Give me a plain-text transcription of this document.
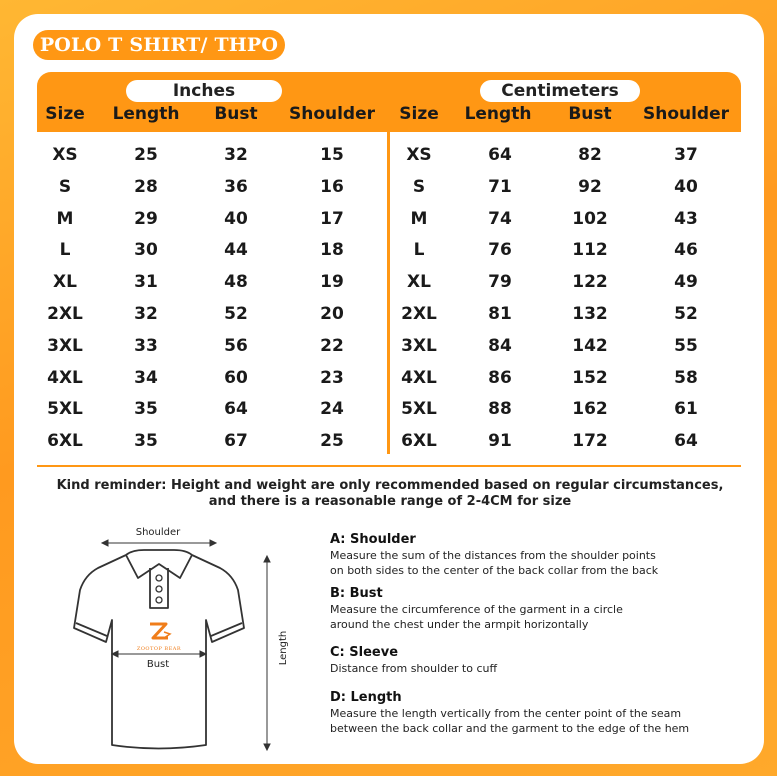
POLO T SHIRT/ THPO
Inches	Centimeters
Size Length Bust Shoulder Size Length Bust Shoulder
XS	25	32	15	XS	64	82	37
S	28	36	16	S	71	92	40
M	29	40	17	M	74	102	43
L	30	44	18	L	76	112	46
XL	31	48	19	XL	79	122	49
2XL	32	52	20	2XL	81	132	52
3XL	33	56	22	3XL	84	142	55
4XL	34	60	23	4XL	86	152	58
5XL	35	64	24	5XL	88	162	61
6XL	35	67	25	6XL	91	172	64
Kind reminder: Height and weight are only recommended based on regular circumstances,
and there is a reasonable range of 2-4CM for size
Shoulder
ZOOTOP BEAR
Bust	Length
A: Shoulder
Measure the sum of the distances from the shoulder points
on both sides to the center of the back collar from the back
B: Bust
Measure the circumference of the garment in a circle
around the chest under the armpit horizontally
C: Sleeve
Distance from shoulder to cuff
D: Length
Measure the length vertically from the center point of the seam
between the back collar and the garment to the edge of the hem
